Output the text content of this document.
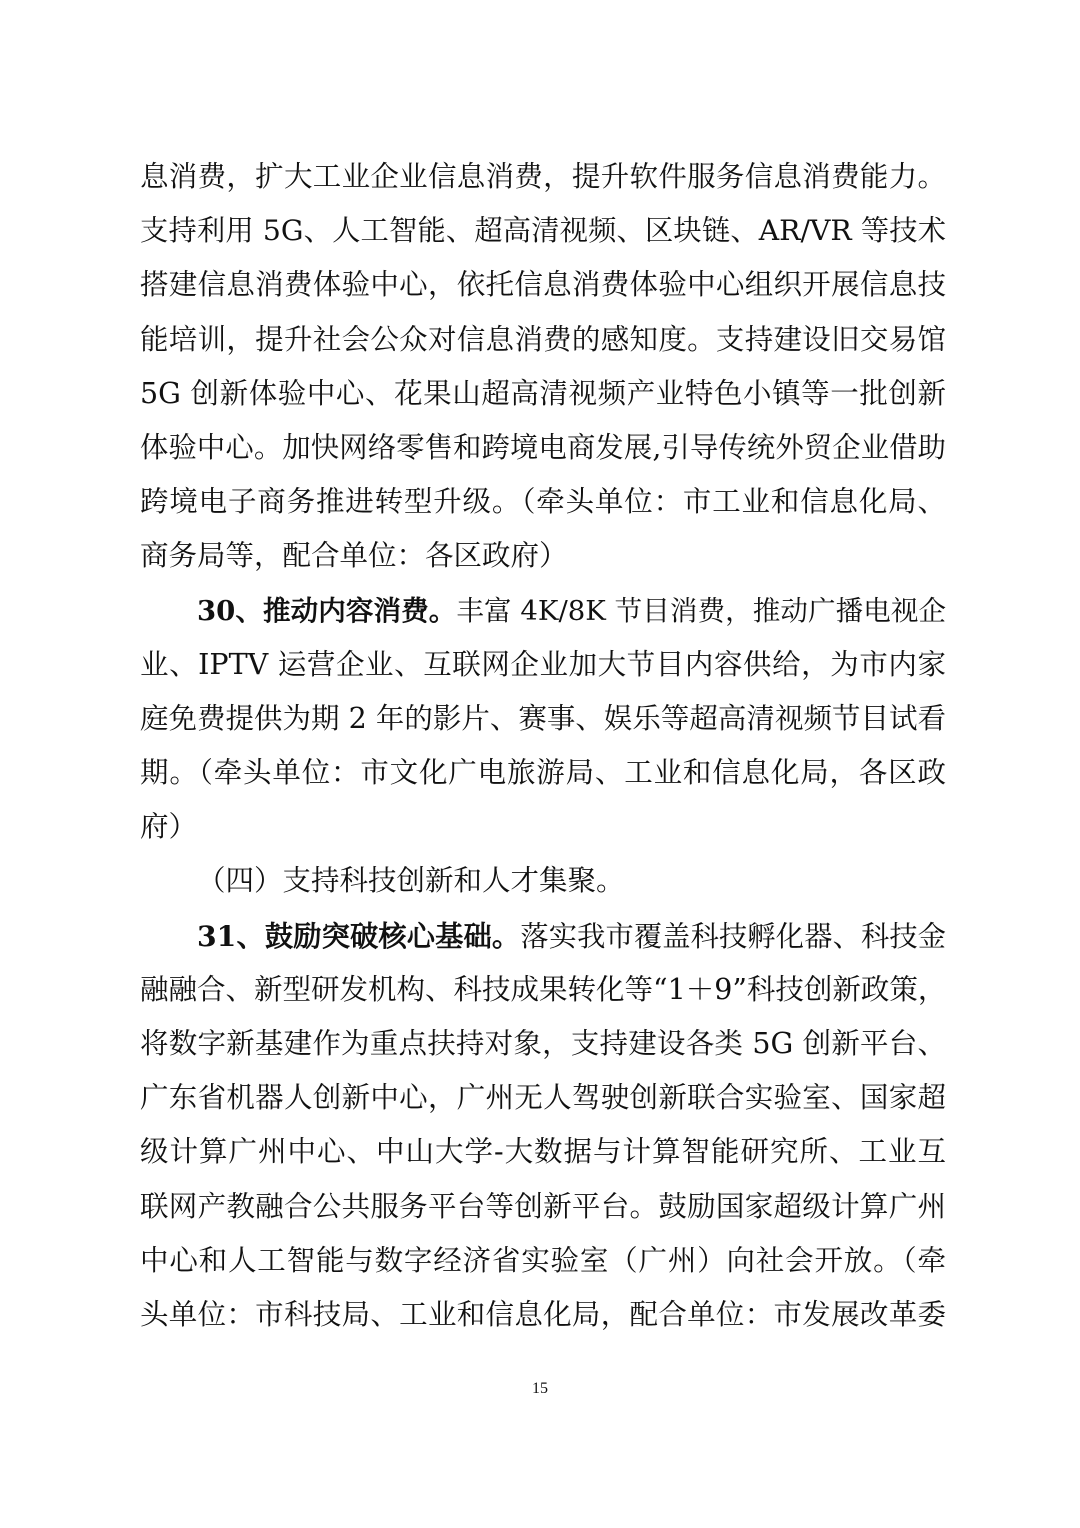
息消费，扩大工业企业信息消费，提升软件服务信息消费能力。
支持利用 5G、人工智能、超高清视频、区块链、AR/VR 等技术
搭建信息消费体验中心，依托信息消费体验中心组织开展信息技
能培训，提升社会公众对信息消费的感知度。支持建设旧交易馆
5G 创新体验中心、花果山超高清视频产业特色小镇等一批创新
体验中心。加快网络零售和跨境电商发展,引导传统外贸企业借助
跨境电子商务推进转型升级。（牵头单位：市工业和信息化局、
商务局等，配合单位：各区政府）
30、推动内容消费。丰富 4K/8K 节目消费，推动广播电视企
业、IPTV 运营企业、互联网企业加大节目内容供给，为市内家
庭免费提供为期 2 年的影片、赛事、娱乐等超高清视频节目试看
期。（牵头单位：市文化广电旅游局、工业和信息化局，各区政
府）
（四）支持科技创新和人才集聚。
31、鼓励突破核心基础。落实我市覆盖科技孵化器、科技金
融融合、新型研发机构、科技成果转化等“1＋9”科技创新政策，
将数字新基建作为重点扶持对象，支持建设各类 5G 创新平台、
广东省机器人创新中心，广州无人驾驶创新联合实验室、国家超
级计算广州中心、中山大学-大数据与计算智能研究所、工业互
联网产教融合公共服务平台等创新平台。鼓励国家超级计算广州
中心和人工智能与数字经济省实验室（广州）向社会开放。（牵
头单位：市科技局、工业和信息化局，配合单位：市发展改革委
15
